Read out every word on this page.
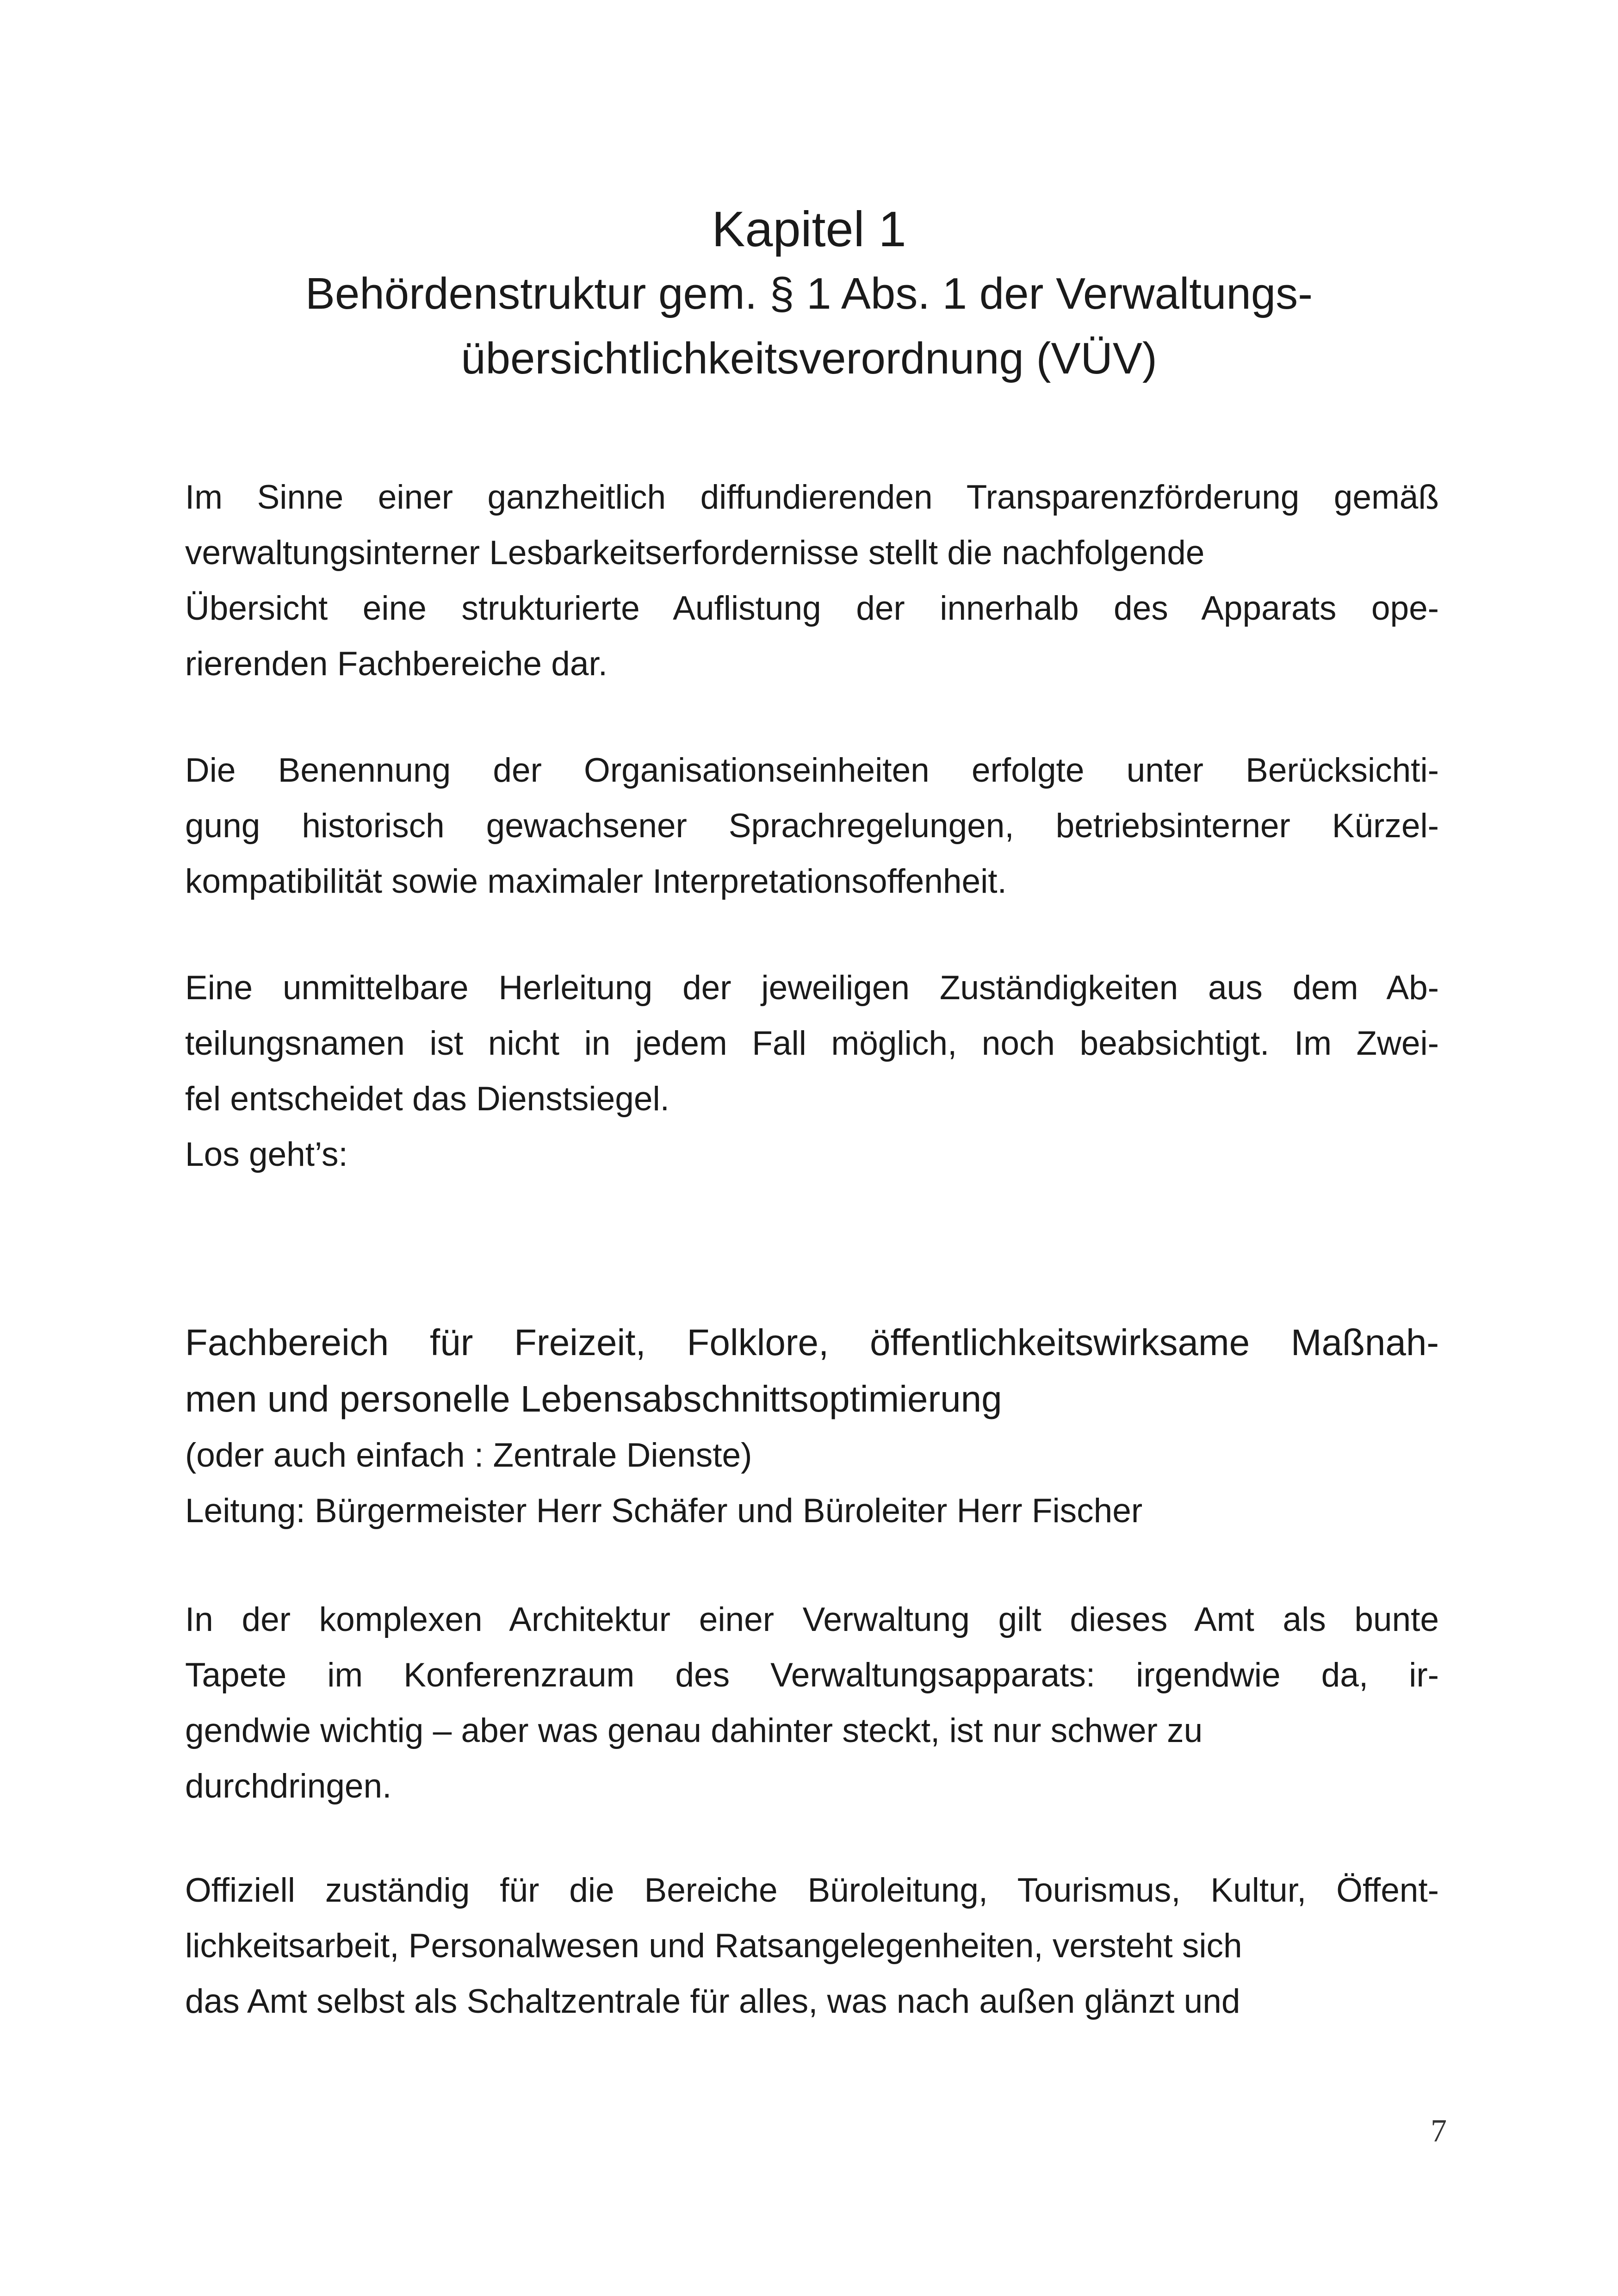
Kapitel 1
Behördenstruktur gem. § 1 Abs. 1 der Verwaltungs-
übersichtlichkeitsverordnung (VÜV)

Im Sinne einer ganzheitlich diffundierenden Transparenzförderung gemäß
verwaltungsinterner Lesbarkeitserfordernisse stellt die nachfolgende
Übersicht eine strukturierte Auflistung der innerhalb des Apparats ope-
rierenden Fachbereiche dar.

Die Benennung der Organisationseinheiten erfolgte unter Berücksichti-
gung historisch gewachsener Sprachregelungen, betriebsinterner Kürzel-
kompatibilität sowie maximaler Interpretationsoffenheit.

Eine unmittelbare Herleitung der jeweiligen Zuständigkeiten aus dem Ab-
teilungsnamen ist nicht in jedem Fall möglich, noch beabsichtigt. Im Zwei-
fel entscheidet das Dienstsiegel.
Los geht’s:

Fachbereich für Freizeit, Folklore, öffentlichkeitswirksame Maßnah-
men und personelle Lebensabschnittsoptimierung

(oder auch einfach : Zentrale Dienste)
Leitung: Bürgermeister Herr Schäfer und Büroleiter Herr Fischer

In der komplexen Architektur einer Verwaltung gilt dieses Amt als bunte
Tapete im Konferenzraum des Verwaltungsapparats: irgendwie da, ir-
gendwie wichtig – aber was genau dahinter steckt, ist nur schwer zu
durchdringen.

Offiziell zuständig für die Bereiche Büroleitung, Tourismus, Kultur, Öffent-
lichkeitsarbeit, Personalwesen und Ratsangelegenheiten, versteht sich
das Amt selbst als Schaltzentrale für alles, was nach außen glänzt und

7
